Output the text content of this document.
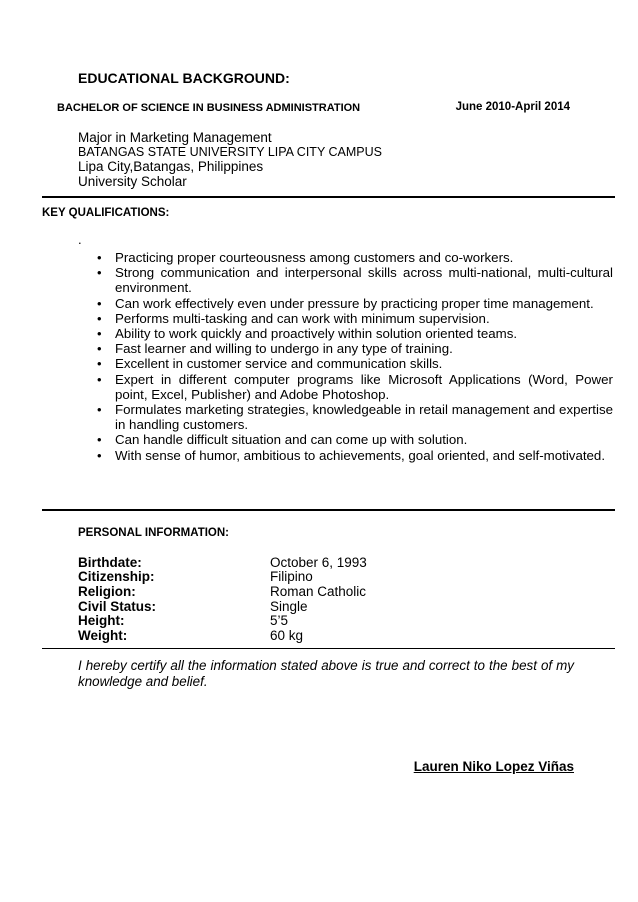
EDUCATIONAL BACKGROUND:
BACHELOR OF SCIENCE IN BUSINESS ADMINISTRATION	June 2010-April 2014
Major in Marketing Management
BATANGAS STATE UNIVERSITY LIPA CITY CAMPUS
Lipa City,Batangas, Philippines
University Scholar
KEY QUALIFICATIONS:
.
• Practicing proper courteousness among customers and co-workers.
• Strong communication and interpersonal skills across multi-national, multi-cultural environment.
• Can work effectively even under pressure by practicing proper time management.
• Performs multi-tasking and can work with minimum supervision.
• Ability to work quickly and proactively within solution oriented teams.
• Fast learner and willing to undergo in any type of training.
• Excellent in customer service and communication skills.
• Expert in different computer programs like Microsoft Applications (Word, Power point, Excel, Publisher) and Adobe Photoshop.
• Formulates marketing strategies, knowledgeable in retail management and expertise in handling customers.
• Can handle difficult situation and can come up with solution.
• With sense of humor, ambitious to achievements, goal oriented, and self-motivated.
PERSONAL INFORMATION:
Birthdate:	October 6, 1993
Citizenship:	Filipino
Religion:	Roman Catholic
Civil Status:	Single
Height:	5’5
Weight:	60 kg
I hereby certify all the information stated above is true and correct to the best of my knowledge and belief.
Lauren Niko Lopez Viñas
